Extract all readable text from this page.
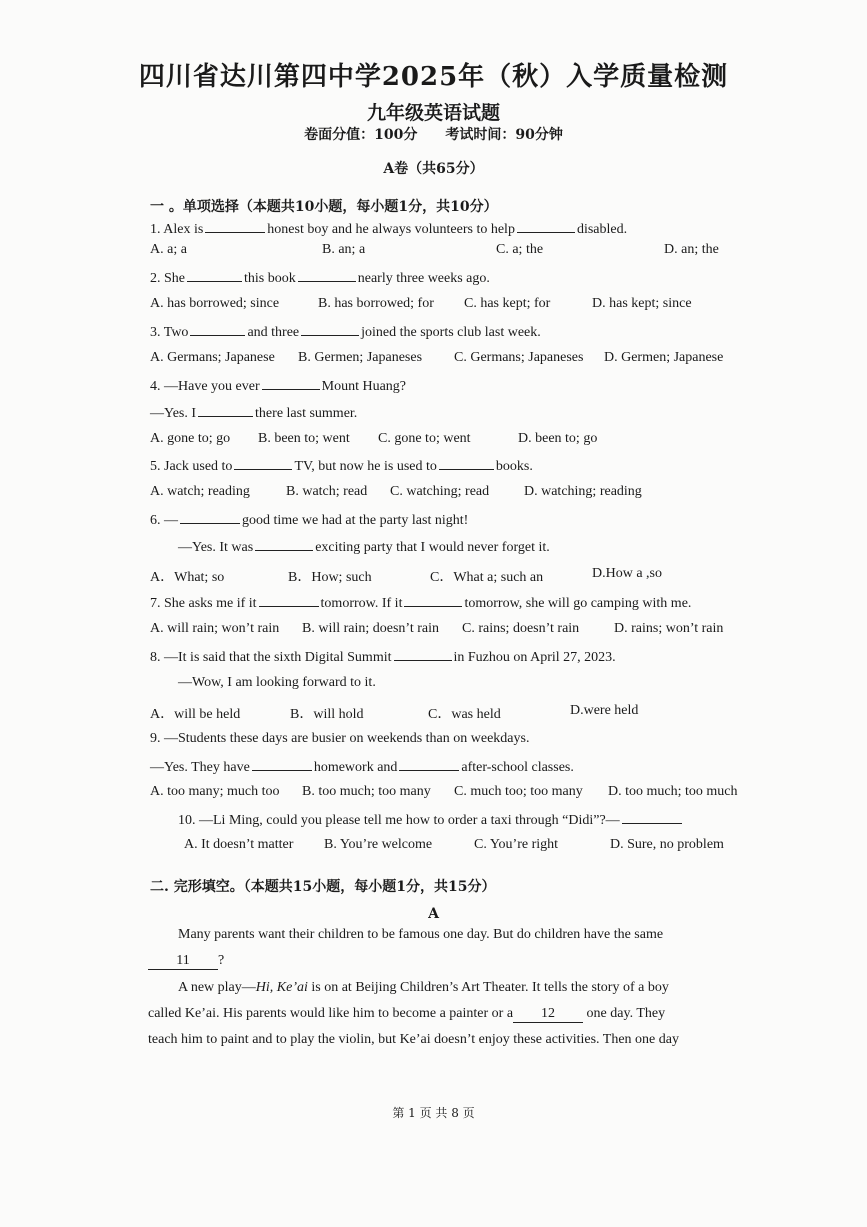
四川省达川第四中学2025年（秋）入学质量检测
九年级英语试题
卷面分值：100分 考试时间：90分钟
A卷（共65分）
一 。单项选择（本题共10小题，每小题1分，共10分）
1. Alex is	honest boy and he always volunteers to help	disabled.
A. a; a	B. an; a	C. a; the	D. an; the
2. She	this book	nearly three weeks ago.
A. has borrowed; since	B. has borrowed; for C. has kept; for	D. has kept; since
3. Two	and three	joined the sports club last week.
A. Germans; Japanese B. Germen; Japaneses C. Germans; Japaneses D. Germen; Japanese
4. —Have you ever	Mount Huang?
—Yes. I	there last summer.
A. gone to; go B. been to; went C. gone to; went	D. been to; go
5. Jack used to	TV, but now he is used to	books.
A. watch; reading	B. watch; read C. watching; read D. watching; reading
6. —	good time we had at the party last night!
—Yes. It was	exciting party that I would never forget it.
A．What; so	B．How; such	C．What a; such an	D.How a ,so
7. She asks me if it	tomorrow. If it	tomorrow, she will go camping with me.
A. will rain; won’t rain B. will rain; doesn’t rain C. rains; doesn’t rain D. rains; won’t rain
8. —It is said that the sixth Digital Summit	in Fuzhou on April 27, 2023.
—Wow, I am looking forward to it.
A．will be held	B．will hold	C．was held	D.were held
9. —Students these days are busier on weekends than on weekdays.
—Yes. They have	homework and	after-school classes.
A. too many; much too B. too much; too many C. much too; too many D. too much; too much
10. —Li Ming, could you please tell me how to order a taxi through “Didi”?—
A. It doesn’t matter B. You’re welcome	C. You’re right	D. Sure, no problem
二. 完形填空。（本题共15小题，每小题1分，共15分）
A
Many parents want their children to be famous one day. But do children have the same
11 ?
A new play—Hi, Ke’ai is on at Beijing Children’s Art Theater. It tells the story of a boy
called Ke’ai. His parents would like him to become a painter or a 12 one day. They
teach him to paint and to play the violin, but Ke’ai doesn’t enjoy these activities. Then one day
第 1 页 共 8 页
